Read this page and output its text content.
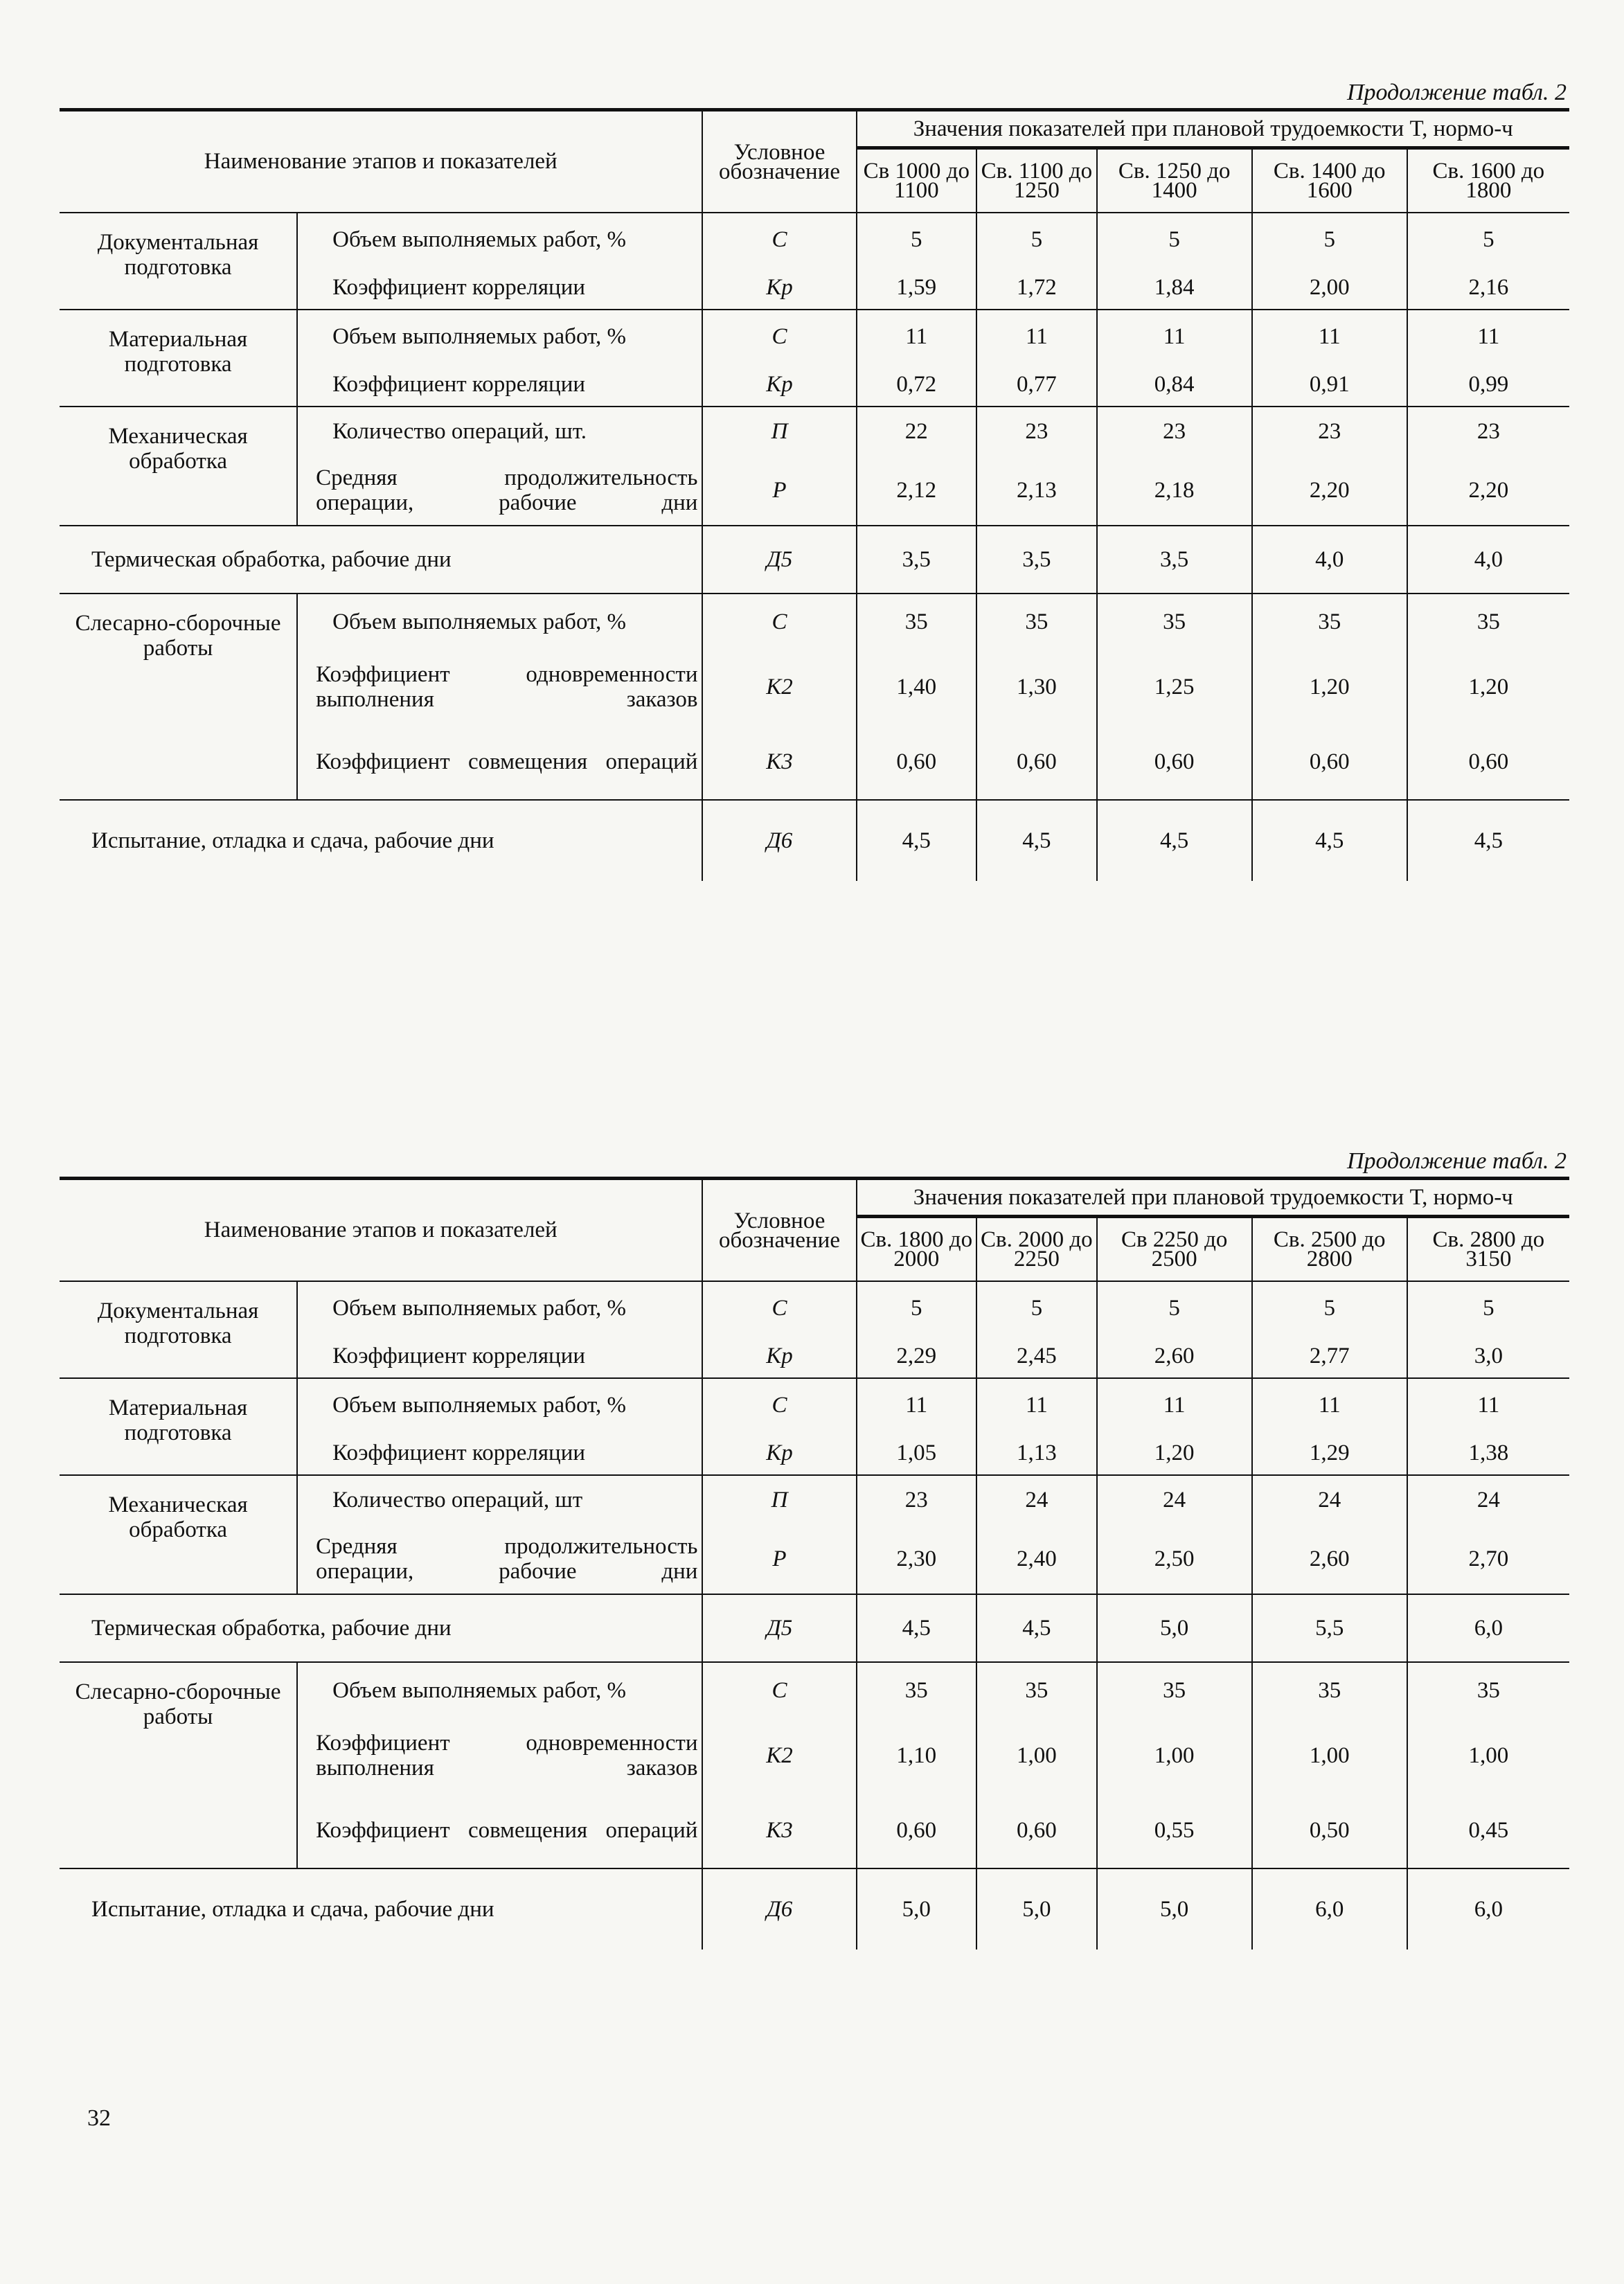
Продолжение табл. 2
Наименование этапов и показателей		Условное обозначение	Значения показателей при плановой трудоемкости T, нормо-ч				
			Св 1000 до 1100	Св. 1100 до 1250	Св. 1250 до 1400	Св. 1400 до 1600	Св. 1600 до 1800
Документальная подготовка	Объем выполняемых работ, %	C	5	5	5	5	5
	Коэффициент корреляции	Kр	1,59	1,72	1,84	2,00	2,16
Материальная подготовка	Объем выполняемых работ, %	C	11	11	11	11	11
	Коэффициент корреляции	Kр	0,72	0,77	0,84	0,91	0,99
Механическая обработка	Количество операций, шт.	П	22	23	23	23	23

	Средняя продолжительность операции, рабочие дни	P	2,12	2,13	2,18	2,20	2,20
Термическая обработка, рабочие дни		Д5	3,5	3,5	3,5	4,0	4,0
Слесарно-сборочные работы	Объем выполняемых работ, %	C	35	35	35	35	35

	Коэффициент одновременности выполнения заказов	K2	1,40	1,30	1,25	1,20	1,20

	Коэффициент совмещения операций	K3	0,60	0,60	0,60	0,60	0,60
Испытание, отладка и сдача, рабочие дни		Д6	4,5	4,5	4,5	4,5	4,5
Продолжение табл. 2
Наименование этапов и показателей		Условное обозначение	Значения показателей при плановой трудоемкости T, нормо-ч				
			Св. 1800 до 2000	Св. 2000 до 2250	Св 2250 до 2500	Св. 2500 до 2800	Св. 2800 до 3150
Документальная подготовка	Объем выполняемых работ, %	C	5	5	5	5	5
	Коэффициент корреляции	Kр	2,29	2,45	2,60	2,77	3,0
Материальная подготовка	Объем выполняемых работ, %	C	11	11	11	11	11
	Коэффициент корреляции	Kр	1,05	1,13	1,20	1,29	1,38
Механическая обработка	Количество операций, шт	П	23	24	24	24	24

	Средняя продолжительность операции, рабочие дни	P	2,30	2,40	2,50	2,60	2,70
Термическая обработка, рабочие дни		Д5	4,5	4,5	5,0	5,5	6,0
Слесарно-сборочные работы	Объем выполняемых работ, %	C	35	35	35	35	35

	Коэффициент одновременности выполнения заказов	K2	1,10	1,00	1,00	1,00	1,00

	Коэффициент совмещения операций	K3	0,60	0,60	0,55	0,50	0,45
Испытание, отладка и сдача, рабочие дни		Д6	5,0	5,0	5,0	6,0	6,0
32
